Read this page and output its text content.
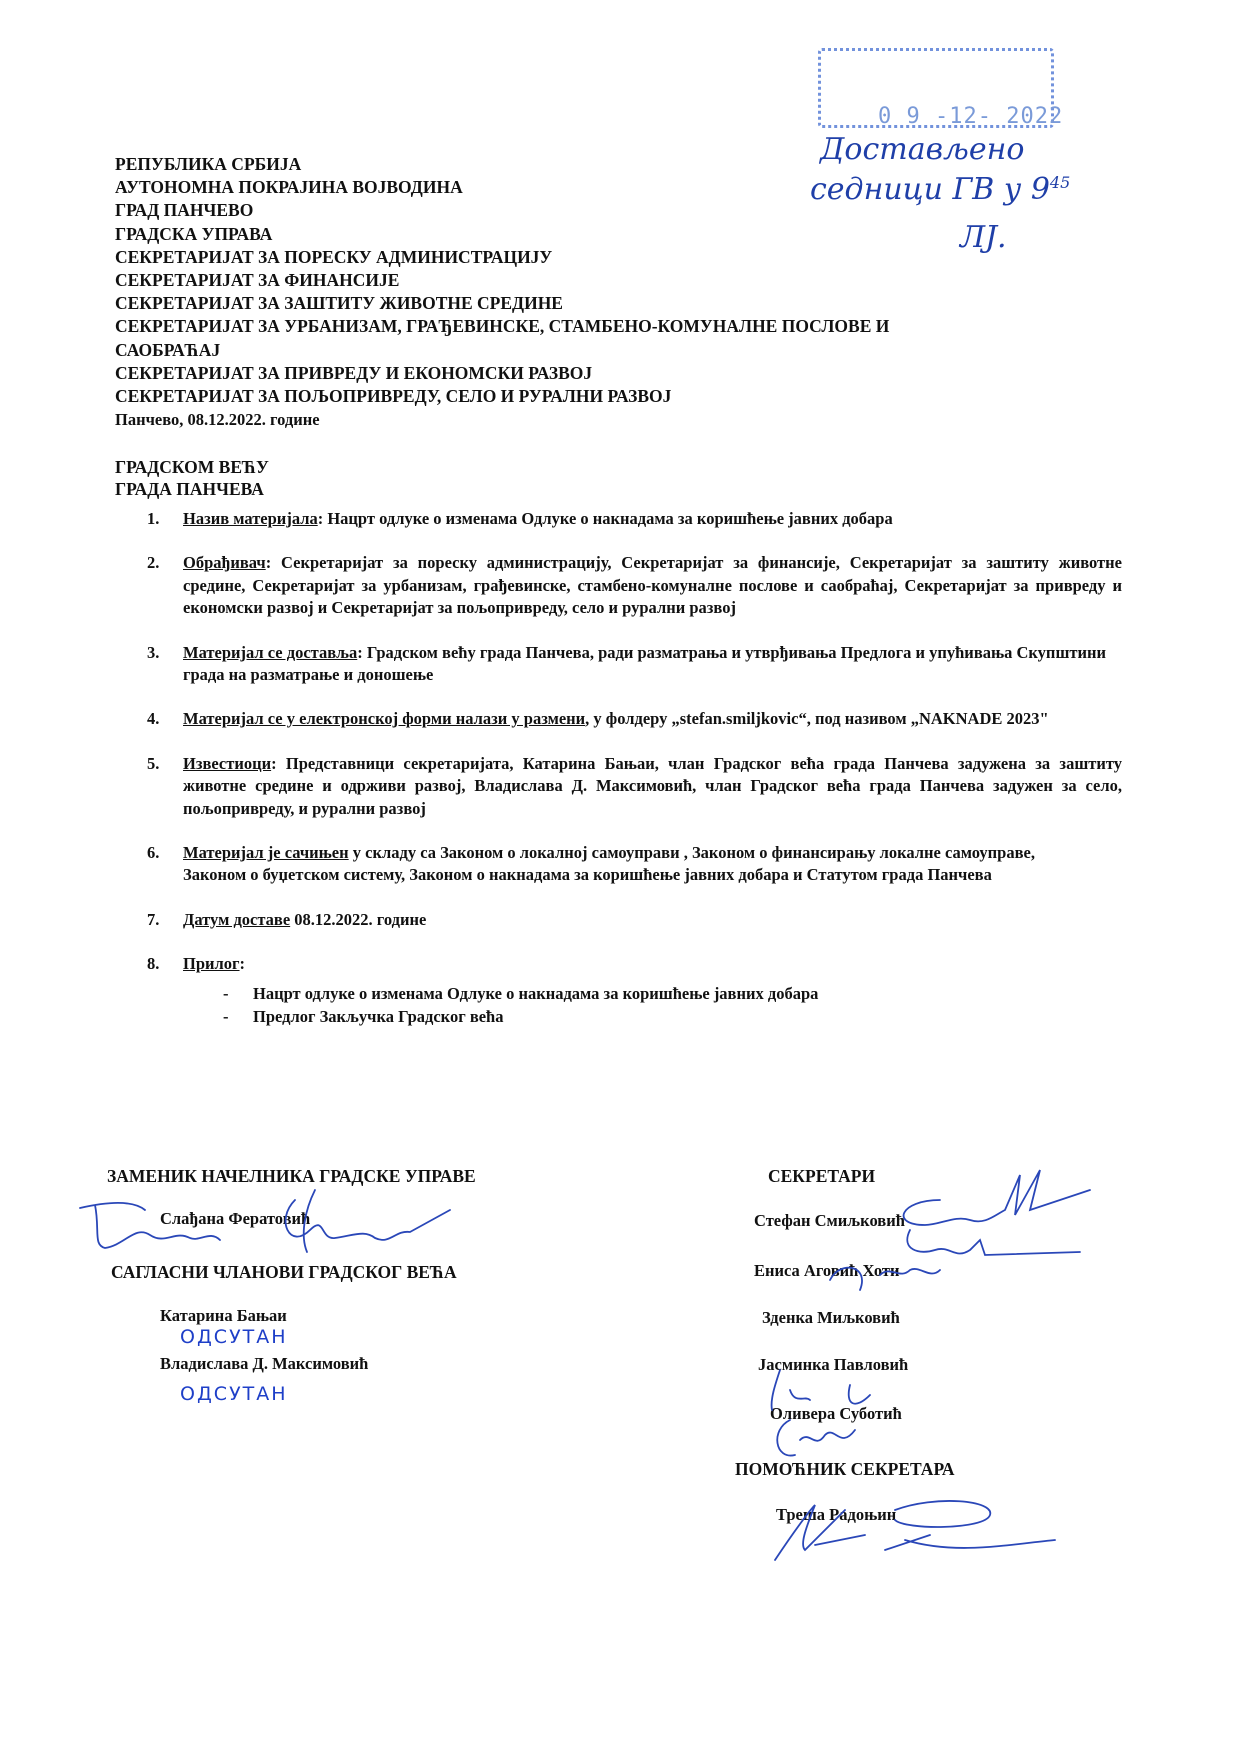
0 9 -12- 2022
Достављено
седници ГВ у $9^{45}$
ЛЈ.
РЕПУБЛИКА СРБИЈА
АУТОНОМНА ПОКРАЈИНА ВОЈВОДИНА
ГРАД ПАНЧЕВО
ГРАДСКА УПРАВА
СЕКРЕТАРИЈАТ ЗА ПОРЕСКУ АДМИНИСТРАЦИЈУ
СЕКРЕТАРИЈАТ ЗА ФИНАНСИЈЕ
СЕКРЕТАРИЈАТ ЗА ЗАШТИТУ ЖИВОТНЕ СРЕДИНЕ
СЕКРЕТАРИЈАТ ЗА УРБАНИЗАМ, ГРАЂЕВИНСКЕ, СТАМБЕНО-КОМУНАЛНЕ ПОСЛОВЕ И
САОБРАЋАЈ
СЕКРЕТАРИЈАТ ЗА ПРИВРЕДУ И ЕКОНОМСКИ РАЗВОЈ
СЕКРЕТАРИЈАТ ЗА ПОЉОПРИВРЕДУ, СЕЛО И РУРАЛНИ РАЗВОЈ
Панчево, 08.12.2022. године
ГРАДСКОМ ВЕЋУ
ГРАДА ПАНЧЕВА
1.	Назив материјала: Нацрт одлуке о изменама Одлуке о накнадама за коришћење јавних добара
2.	Обрађивач: Секретаријат за пореску администрацију, Секретаријат за финансије, Секретаријат за заштиту животне средине, Секретаријат за урбанизам, грађевинске, стамбено-комуналне послове и саобраћај, Секретаријат за привреду и економски развој и Секретаријат за пољопривреду, село и рурални развој
3.	Материјал се доставља: Градском већу града Панчева, ради разматрања и утврђивања Предлога и упућивања Скупштини града на разматрање и доношење
4.	Материјал се у електронској форми налази у размени, у фолдеру „stefan.smiljkovic“, под називом „NAKNADE 2023"
5.	Известиоци: Представници секретаријата, Катарина Бањаи, члан Градског већа града Панчева задужена за заштиту животне средине и одрживи развој, Владислава Д. Максимовић, члан Градског већа града Панчева задужен за село, пољопривреду, и рурални развој
6.	Материјал је сачињен у складу са Законом о локалној самоуправи , Законом о финансирању локалне самоуправе, Законом о буџетском систему, Законом о накнадама за коришћење јавних добара и Статутом града Панчева
7.	Датум доставе 08.12.2022. године
8.	Прилог:
-	Нацрт одлуке о изменама Одлуке о накнадама за коришћење јавних добара
-	Предлог Закључка Градског већа
ЗАМЕНИК НАЧЕЛНИКА ГРАДСКЕ УПРАВЕ
Слађана Фератовић
САГЛАСНИ ЧЛАНОВИ ГРАДСКОГ ВЕЋА
Катарина Бањаи
ОДСУТАН
Владислава Д. Максимовић
ОДСУТАН
СЕКРЕТАРИ
Стефан Смиљковић
Ениса Аговић Хоти
Зденка Миљковић
Јасминка Павловић
Оливера Суботић
ПОМОЋНИК СЕКРЕТАРА
Трешa Радоњин
